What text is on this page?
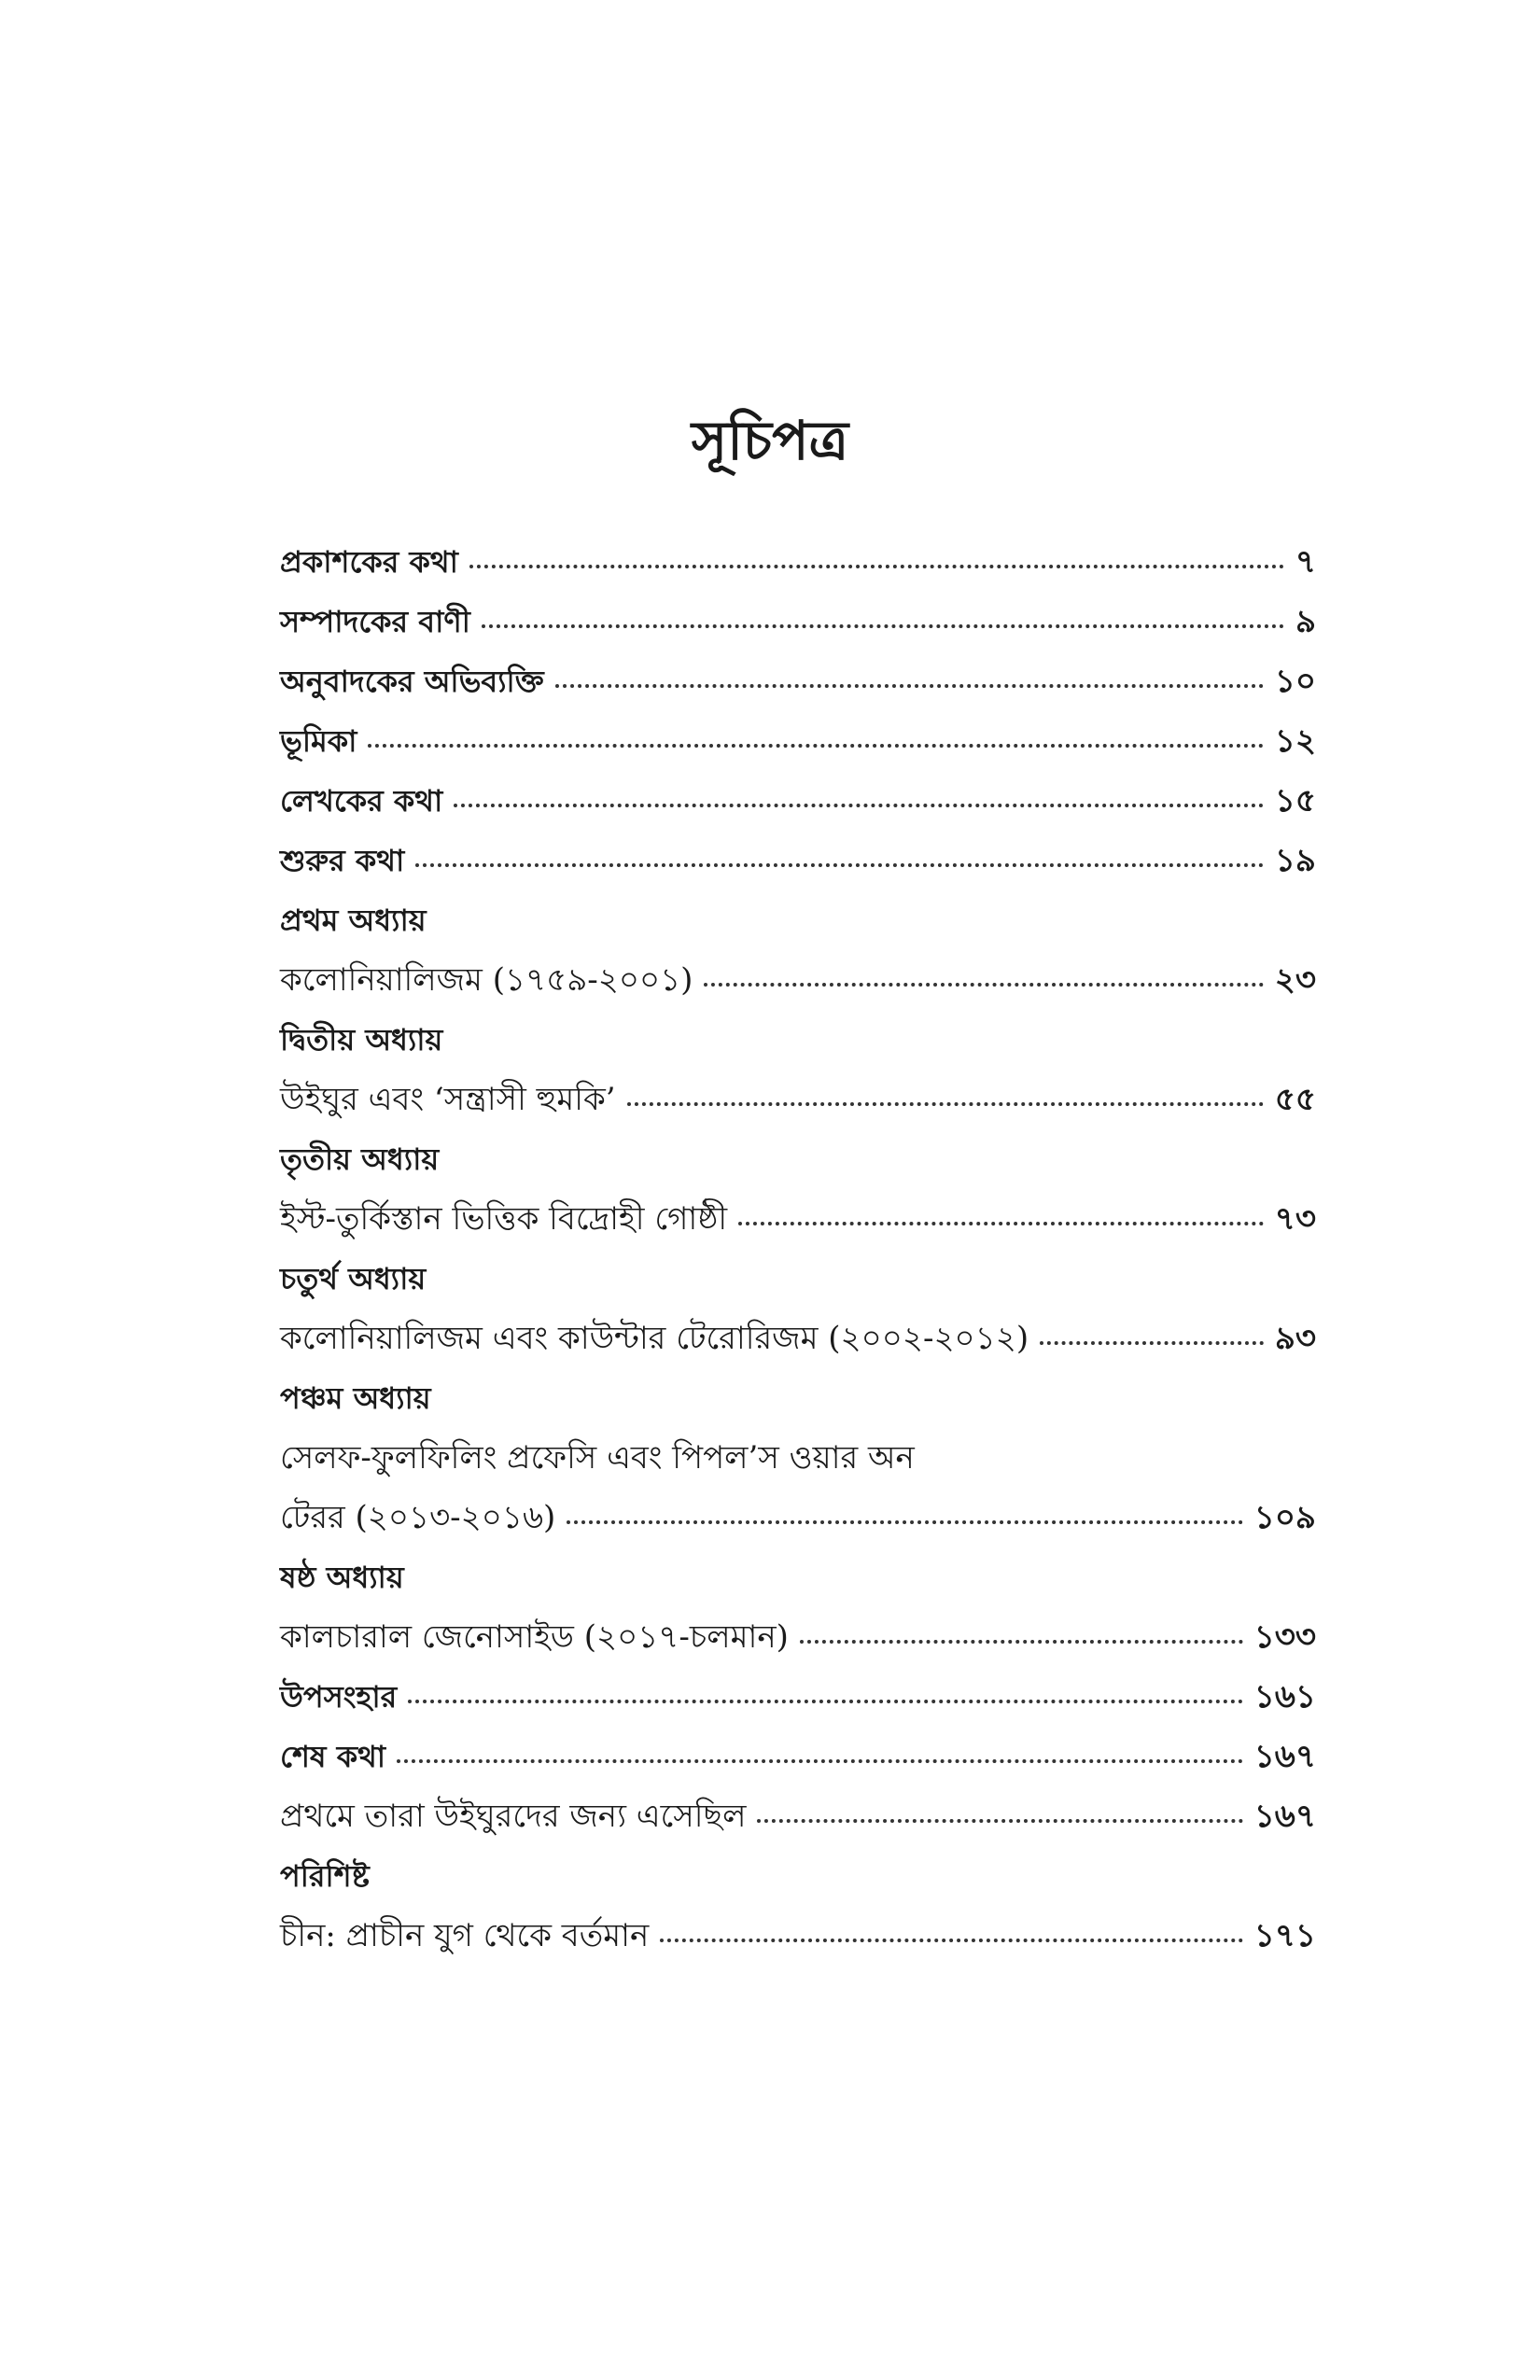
সূচিপত্র
প্রকাশকের কথা	৭
সম্পাদকের বাণী	৯
অনুবাদকের অভিব্যক্তি	১০
ভূমিকা	১২
লেখকের কথা	১৫
শুরুর কথা	১৯
প্রথম অধ্যায়
কলোনিয়ালিজম (১৭৫৯-২০০১)	২৩
দ্বিতীয় অধ্যায়
উইঘুর এবং ‘সন্ত্রাসী হুমকি’	৫৫
তৃতীয় অধ্যায়
ইস্ট-তুর্কিস্তান ভিত্তিক বিদ্রোহী গোষ্ঠী	৭৩
চতুর্থ অধ্যায়
কলোনিয়ালিজম এবং কাউন্টার টেরোরিজম (২০০২-২০১২)	৯৩
পঞ্চম অধ্যায়
সেলফ-ফুলফিলিং প্রফেসি এবং পিপল’স ওয়ার অন
টেরর (২০১৩-২০১৬)	১০৯
ষষ্ঠ অধ্যায়
কালচারাল জেনোসাইড (২০১৭-চলমান)	১৩৩
উপসংহার	১৬১
শেষ কথা	১৬৭
প্রথমে তারা উইঘুরদের জন্য এসেছিল	১৬৭
পরিশিষ্ট
চীন: প্রাচীন যুগ থেকে বর্তমান	১৭১
